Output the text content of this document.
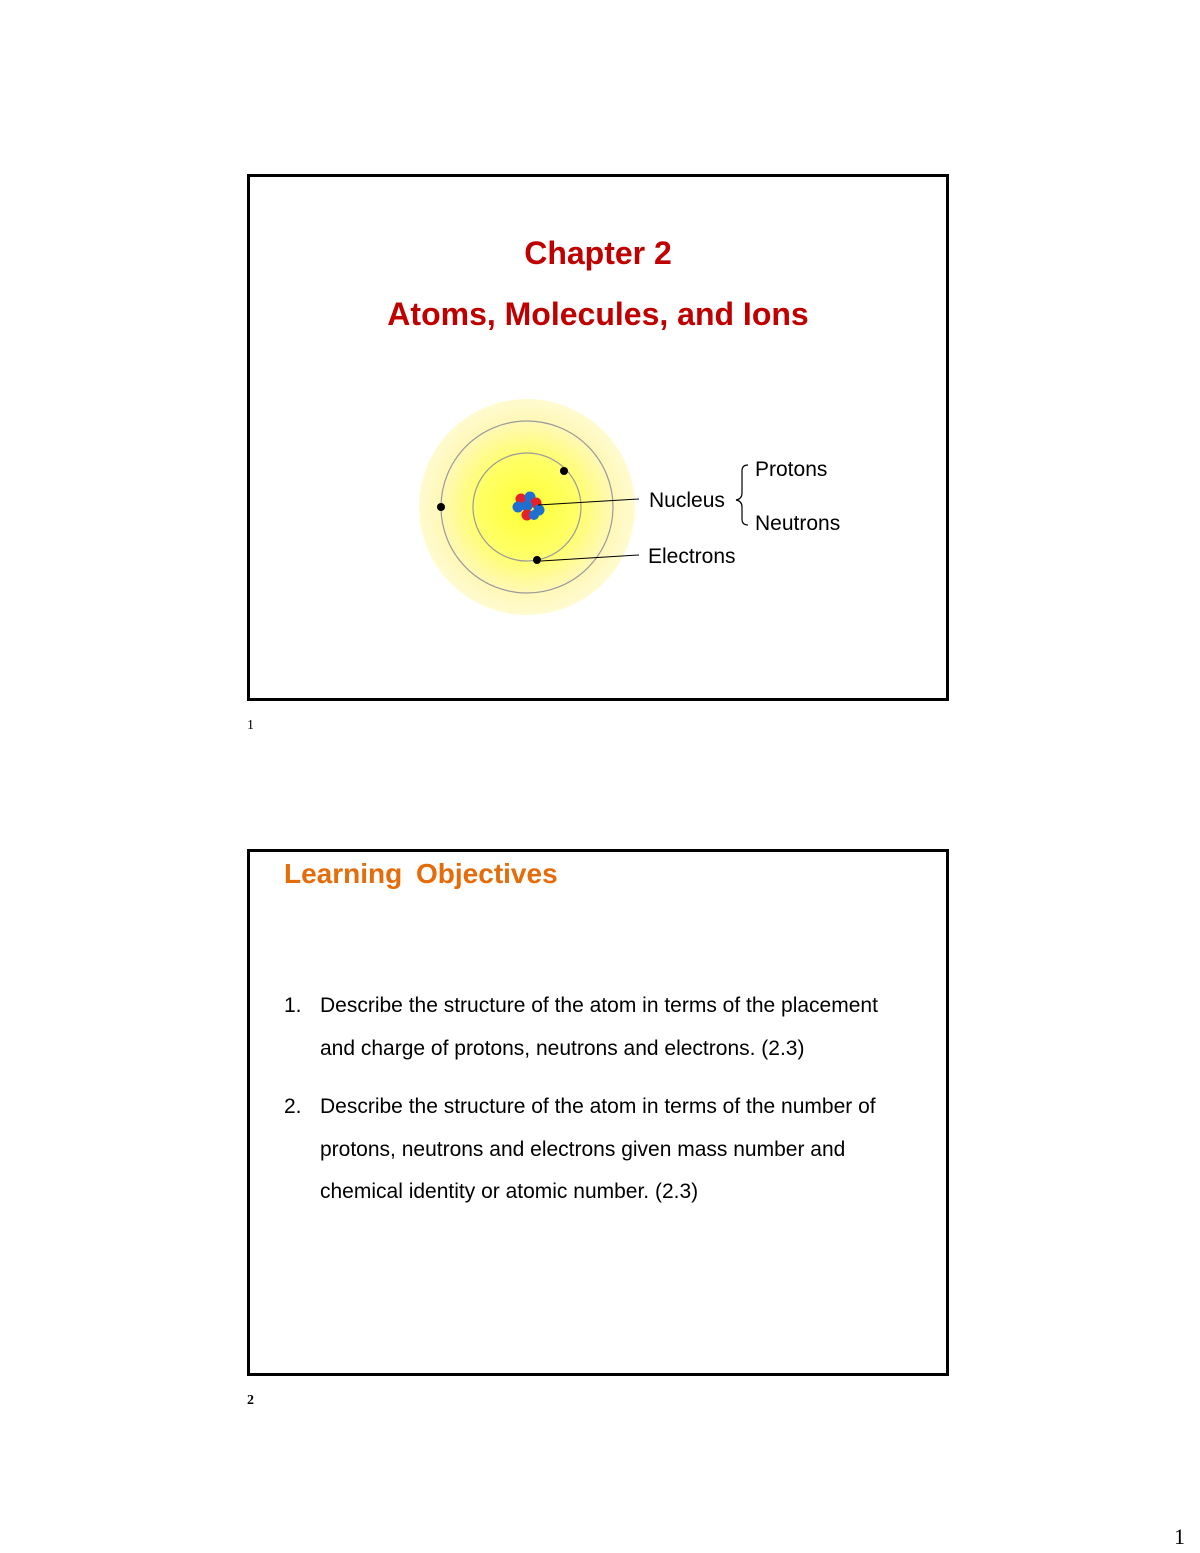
Chapter 2
Atoms, Molecules, and Ions
Nucleus
Protons
Neutrons
Electrons
1
Learning Objectives
1. Describe the structure of the atom in terms of the placement and charge of protons, neutrons and electrons. (2.3)
2. Describe the structure of the atom in terms of the number of protons, neutrons and electrons given mass number and chemical identity or atomic number. (2.3)
2
1
